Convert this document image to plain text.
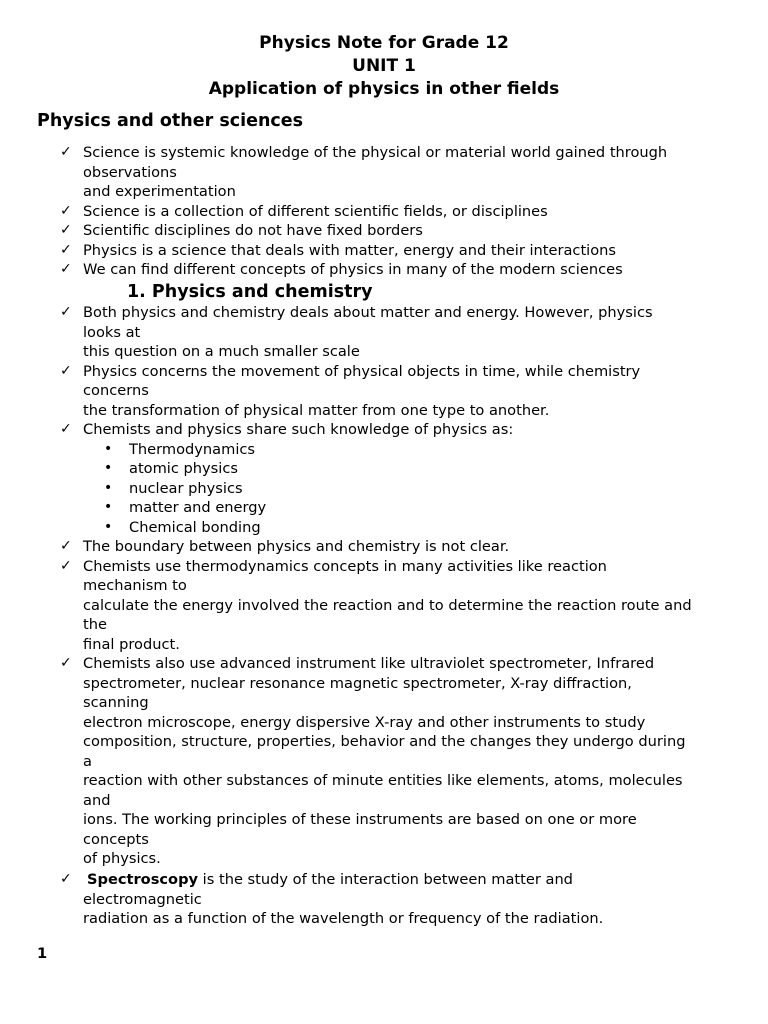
Physics Note for Grade 12
UNIT 1
Application of physics in other fields
Physics and other sciences
✓ Science is systemic knowledge of the physical or material world gained through
observations
and experimentation
✓ Science is a collection of different scientific fields, or disciplines
✓ Scientific disciplines do not have fixed borders
✓ Physics is a science that deals with matter, energy and their interactions
✓ We can find different concepts of physics in many of the modern sciences
1. Physics and chemistry
✓ Both physics and chemistry deals about matter and energy. However, physics
looks at
this question on a much smaller scale
✓ Physics concerns the movement of physical objects in time, while chemistry
concerns
the transformation of physical matter from one type to another.
✓ Chemists and physics share such knowledge of physics as:
• Thermodynamics
• atomic physics
• nuclear physics
• matter and energy
• Chemical bonding
✓ The boundary between physics and chemistry is not clear.
✓ Chemists use thermodynamics concepts in many activities like reaction
mechanism to
calculate the energy involved the reaction and to determine the reaction route and
the
final product.
✓ Chemists also use advanced instrument like ultraviolet spectrometer, Infrared
spectrometer, nuclear resonance magnetic spectrometer, X-ray diffraction,
scanning
electron microscope, energy dispersive X-ray and other instruments to study
composition, structure, properties, behavior and the changes they undergo during
a
reaction with other substances of minute entities like elements, atoms, molecules
and
ions. The working principles of these instruments are based on one or more
concepts
of physics.
✓ Spectroscopy is the study of the interaction between matter and
electromagnetic
radiation as a function of the wavelength or frequency of the radiation.
1
